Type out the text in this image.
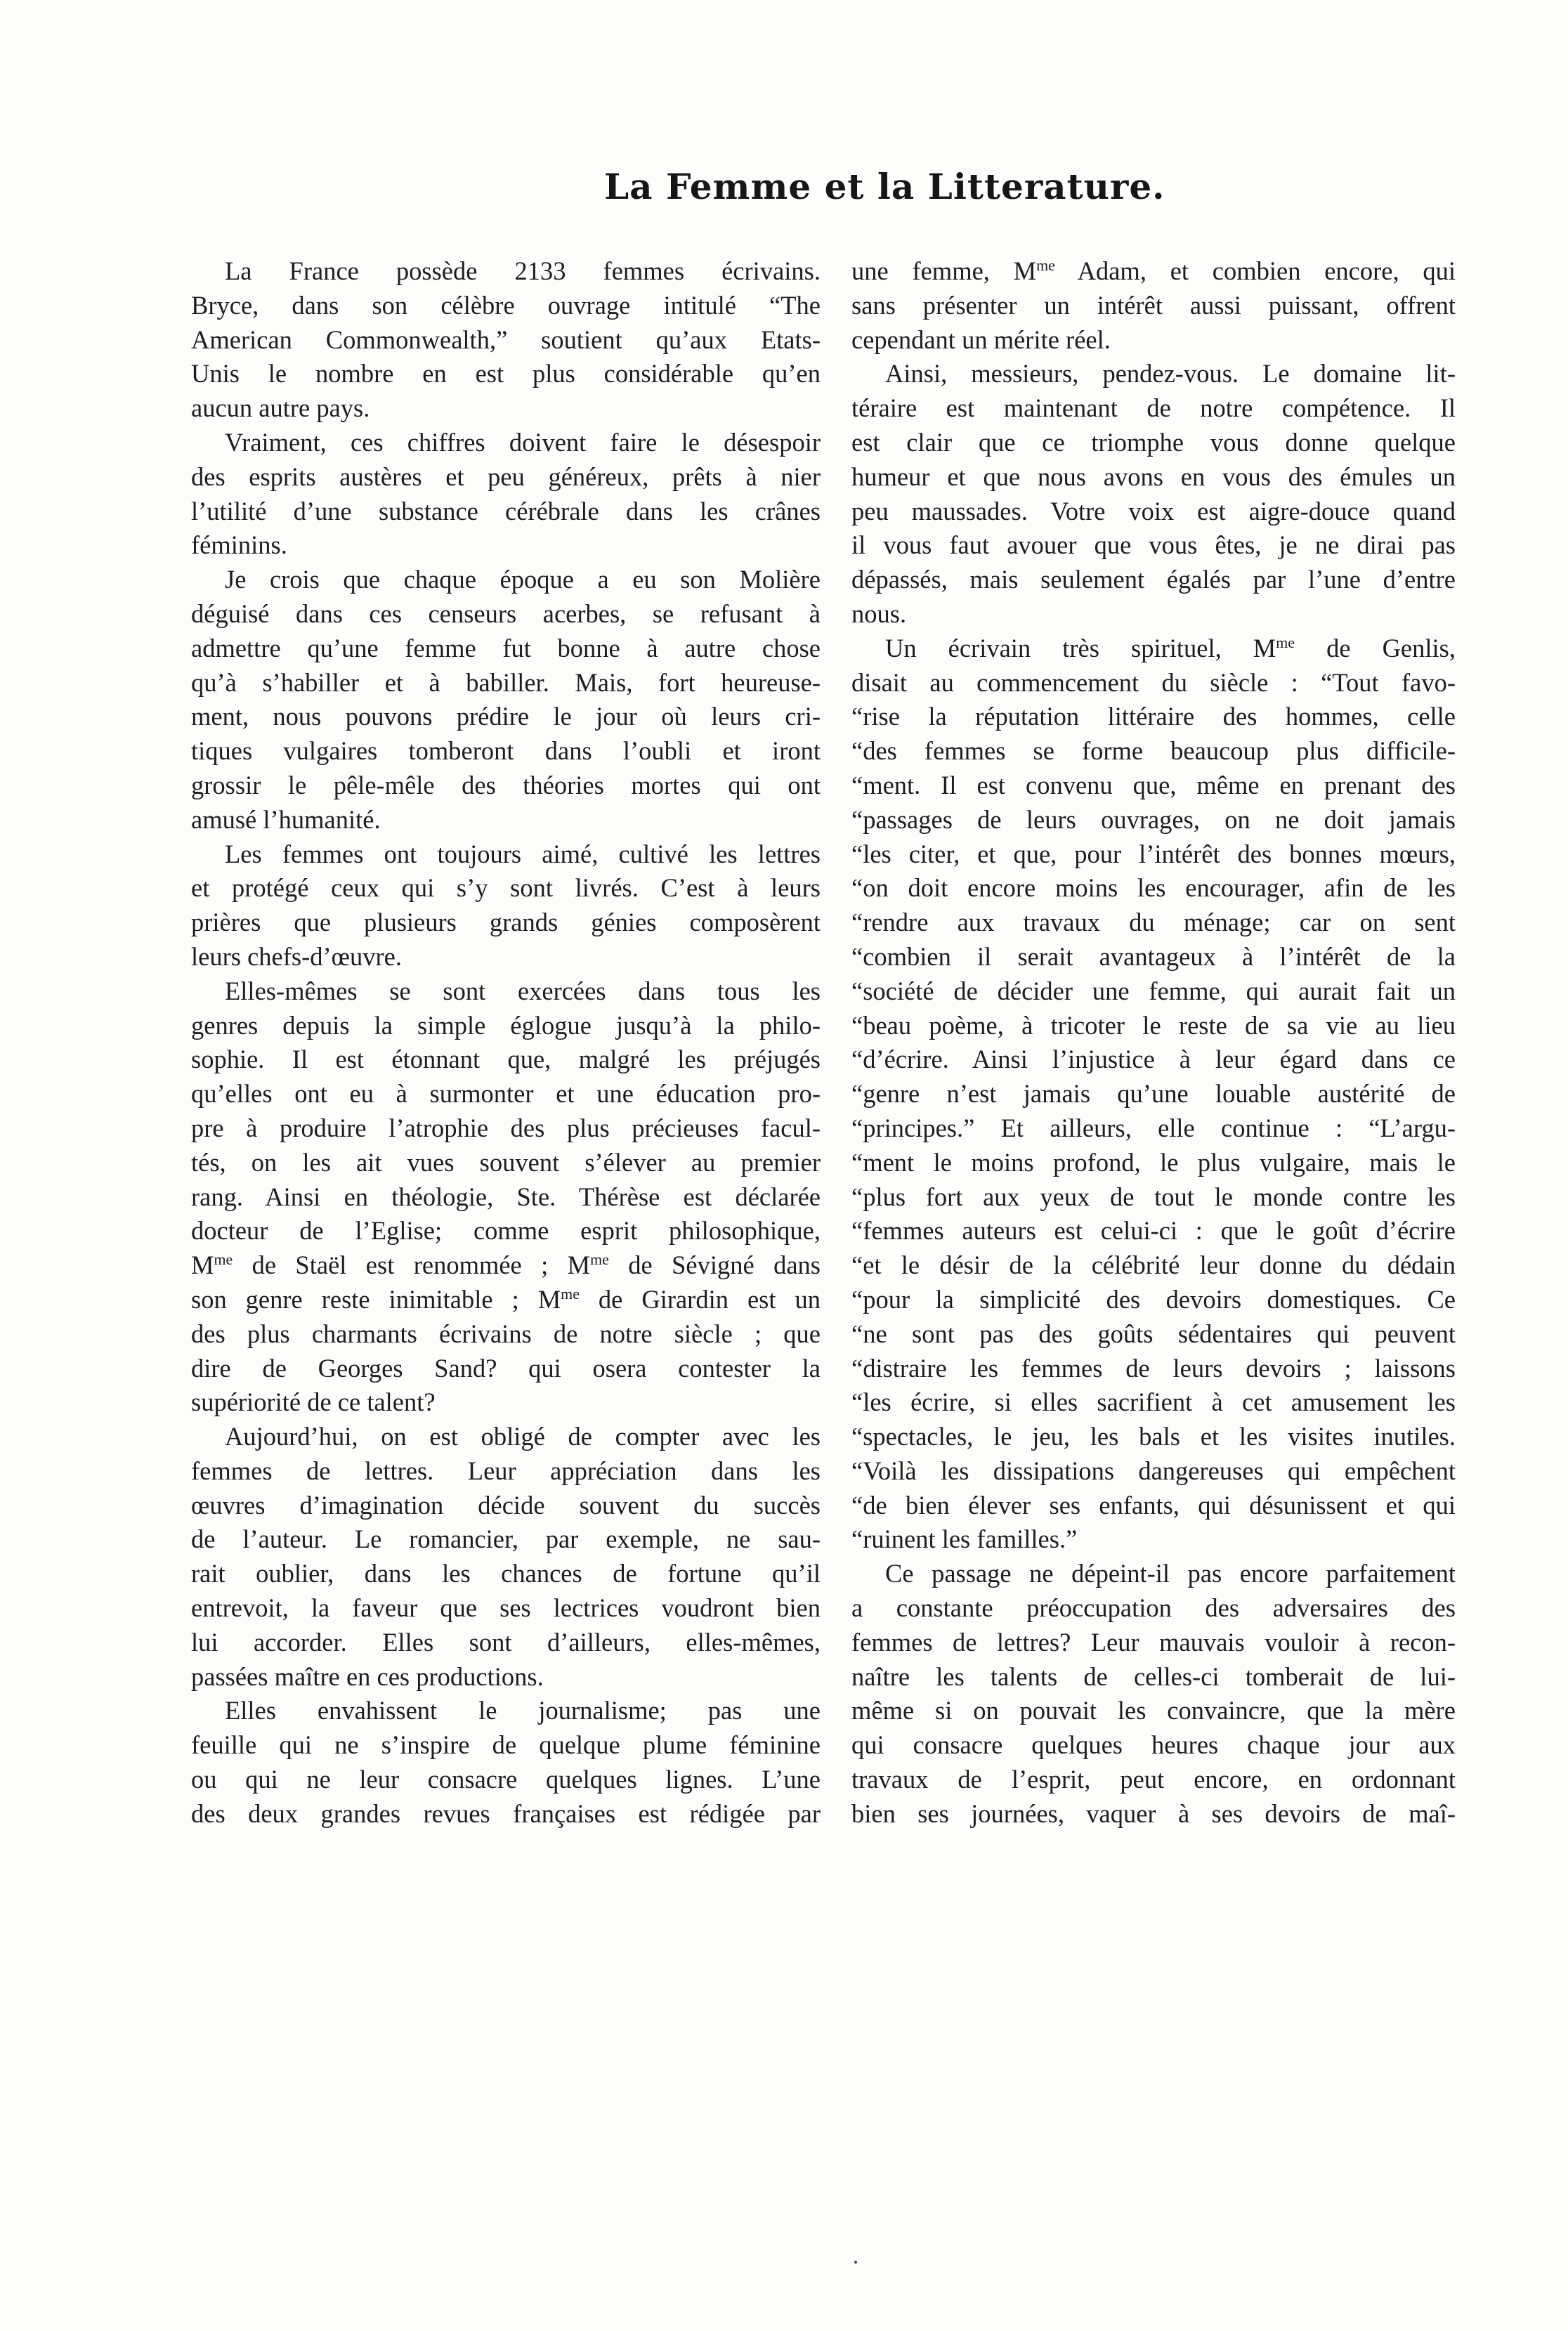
La Femme et la Litterature.
La France possède 2133 femmes écrivains.
Bryce, dans son célèbre ouvrage intitulé “The
American Commonwealth,” soutient qu’aux Etats-
Unis le nombre en est plus considérable qu’en
aucun autre pays.
Vraiment, ces chiffres doivent faire le désespoir
des esprits austères et peu généreux, prêts à nier
l’utilité d’une substance cérébrale dans les crânes
féminins.
Je crois que chaque époque a eu son Molière
déguisé dans ces censeurs acerbes, se refusant à
admettre qu’une femme fut bonne à autre chose
qu’à s’habiller et à babiller. Mais, fort heureuse-
ment, nous pouvons prédire le jour où leurs cri-
tiques vulgaires tomberont dans l’oubli et iront
grossir le pêle-mêle des théories mortes qui ont
amusé l’humanité.
Les femmes ont toujours aimé, cultivé les lettres
et protégé ceux qui s’y sont livrés. C’est à leurs
prières que plusieurs grands génies composèrent
leurs chefs-d’œuvre.
Elles-mêmes se sont exercées dans tous les
genres depuis la simple églogue jusqu’à la philo-
sophie. Il est étonnant que, malgré les préjugés
qu’elles ont eu à surmonter et une éducation pro-
pre à produire l’atrophie des plus précieuses facul-
tés, on les ait vues souvent s’élever au premier
rang. Ainsi en théologie, Ste. Thérèse est déclarée
docteur de l’Eglise; comme esprit philosophique,
$M^{me}$ de Staël est renommée ; $M^{me}$ de Sévigné dans
son genre reste inimitable ; $M^{me}$ de Girardin est un
des plus charmants écrivains de notre siècle ; que
dire de Georges Sand? qui osera contester la
supériorité de ce talent?
Aujourd’hui, on est obligé de compter avec les
femmes de lettres. Leur appréciation dans les
œuvres d’imagination décide souvent du succès
de l’auteur. Le romancier, par exemple, ne sau-
rait oublier, dans les chances de fortune qu’il
entrevoit, la faveur que ses lectrices voudront bien
lui accorder. Elles sont d’ailleurs, elles-mêmes,
passées maître en ces productions.
Elles envahissent le journalisme; pas une
feuille qui ne s’inspire de quelque plume féminine
ou qui ne leur consacre quelques lignes. L’une
des deux grandes revues françaises est rédigée par
une femme, $M^{me}$ Adam, et combien encore, qui
sans présenter un intérêt aussi puissant, offrent
cependant un mérite réel.
Ainsi, messieurs, pendez-vous. Le domaine lit-
téraire est maintenant de notre compétence. Il
est clair que ce triomphe vous donne quelque
humeur et que nous avons en vous des émules un
peu maussades. Votre voix est aigre-douce quand
il vous faut avouer que vous êtes, je ne dirai pas
dépassés, mais seulement égalés par l’une d’entre
nous.
Un écrivain très spirituel, $M^{me}$ de Genlis,
disait au commencement du siècle : “Tout favo-
“rise la réputation littéraire des hommes, celle
“des femmes se forme beaucoup plus difficile-
“ment. Il est convenu que, même en prenant des
“passages de leurs ouvrages, on ne doit jamais
“les citer, et que, pour l’intérêt des bonnes mœurs,
“on doit encore moins les encourager, afin de les
“rendre aux travaux du ménage; car on sent
“combien il serait avantageux à l’intérêt de la
“société de décider une femme, qui aurait fait un
“beau poème, à tricoter le reste de sa vie au lieu
“d’écrire. Ainsi l’injustice à leur égard dans ce
“genre n’est jamais qu’une louable austérité de
“principes.” Et ailleurs, elle continue : “L’argu-
“ment le moins profond, le plus vulgaire, mais le
“plus fort aux yeux de tout le monde contre les
“femmes auteurs est celui-ci : que le goût d’écrire
“et le désir de la célébrité leur donne du dédain
“pour la simplicité des devoirs domestiques. Ce
“ne sont pas des goûts sédentaires qui peuvent
“distraire les femmes de leurs devoirs ; laissons
“les écrire, si elles sacrifient à cet amusement les
“spectacles, le jeu, les bals et les visites inutiles.
“Voilà les dissipations dangereuses qui empêchent
“de bien élever ses enfants, qui désunissent et qui
“ruinent les familles.”
Ce passage ne dépeint-il pas encore parfaitement
a constante préoccupation des adversaires des
femmes de lettres? Leur mauvais vouloir à recon-
naître les talents de celles-ci tomberait de lui-
même si on pouvait les convaincre, que la mère
qui consacre quelques heures chaque jour aux
travaux de l’esprit, peut encore, en ordonnant
bien ses journées, vaquer à ses devoirs de maî-
